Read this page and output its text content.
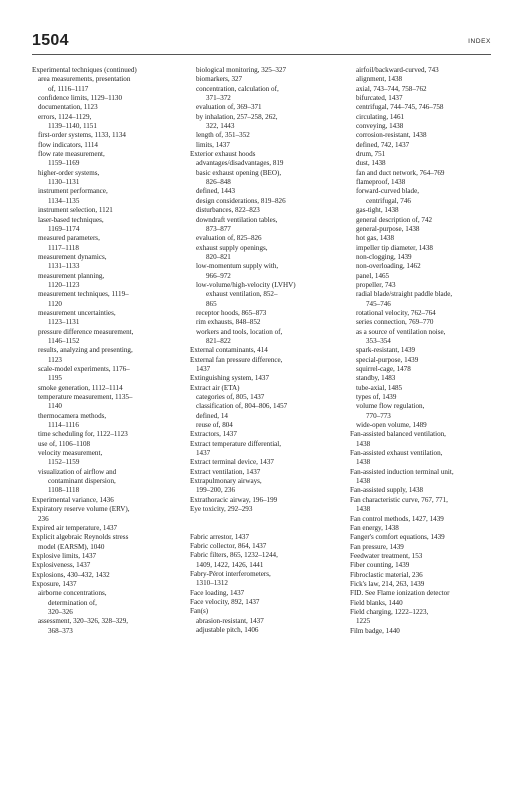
1504	INDEX
Experimental techniques (continued)
area measurements, presentation
of, 1116–1117
confidence limits, 1129–1130
documentation, 1123
errors, 1124–1129,
1139–1140, 1151
first-order systems, 1133, 1134
flow indicators, 1114
flow rate measurement,
1159–1169
higher-order systems,
1130–1131
instrument performance,
1134–1135
instrument selection, 1121
laser-based techniques,
1169–1174
measured parameters,
1117–1118
measurement dynamics,
1131–1133
measurement planning,
1120–1123
measurement techniques, 1119–
1120
measurement uncertainties,
1123–1131
pressure difference measurement,
1146–1152
results, analyzing and presenting,
1123
scale-model experiments, 1176–
1195
smoke generation, 1112–1114
temperature measurement, 1135–
1140
thermocamera methods,
1114–1116
time scheduling for, 1122–1123
use of, 1106–1108
velocity measurement,
1152–1159
visualization of airflow and
contaminant dispersion,
1108–1118
Experimental variance, 1436
Expiratory reserve volume (ERV),
236
Expired air temperature, 1437
Explicit algebraic Reynolds stress
model (EARSM), 1040
Explosive limits, 1437
Explosiveness, 1437
Explosions, 430–432, 1432
Exposure, 1437
airborne concentrations,
determination of,
320–326
assessment, 320–326, 328–329,
368–373
biological monitoring, 325–327
biomarkers, 327
concentration, calculation of,
371–372
evaluation of, 369–371
by inhalation, 257–258, 262,
322, 1443
length of, 351–352
limits, 1437
Exterior exhaust hoods
advantages/disadvantages, 819
basic exhaust opening (BEO),
826–848
defined, 1443
design considerations, 819–826
disturbances, 822–823
downdraft ventilation tables,
873–877
evaluation of, 825–826
exhaust supply openings,
820–821
low-momentum supply with,
966–972
low-volume/high-velocity (LVHV)
exhaust ventilation, 852–
865
receptor hoods, 865–873
rim exhausts, 848–852
workers and tools, location of,
821–822
External contaminants, 414
External fan pressure difference,
1437
Extinguishing system, 1437
Extract air (ETA)
categories of, 805, 1437
classification of, 804–806, 1457
defined, 14
reuse of, 804
Extractors, 1437
Extract temperature differential,
1437
Extract terminal device, 1437
Extract ventilation, 1437
Extrapulmonary airways,
199–200, 236
Extrathoracic airway, 196–199
Eye toxicity, 292–293
Fabric arrestor, 1437
Fabric collector, 864, 1437
Fabric filters, 865, 1232–1244,
1409, 1422, 1426, 1441
Fabry-Pérot interferometers,
1310–1312
Face loading, 1437
Face velocity, 892, 1437
Fan(s)
abrasion-resistant, 1437
adjustable pitch, 1406
airfoil/backward-curved, 743
alignment, 1438
axial, 743–744, 758–762
bifurcated, 1437
centrifugal, 744–745, 746–758
circulating, 1461
conveying, 1438
corrosion-resistant, 1438
defined, 742, 1437
drum, 751
dust, 1438
fan and duct network, 764–769
flameproof, 1438
forward-curved blade,
centrifugal, 746
gas-tight, 1438
general description of, 742
general-purpose, 1438
hot gas, 1438
impeller tip diameter, 1438
non-clogging, 1439
non-overloading, 1462
panel, 1465
propeller, 743
radial blade/straight paddle blade,
745–746
rotational velocity, 762–764
series connection, 769–770
as a source of ventilation noise,
353–354
spark-resistant, 1439
special-purpose, 1439
squirrel-cage, 1478
standby, 1483
tube-axial, 1485
types of, 1439
volume flow regulation,
770–773
wide-open volume, 1489
Fan-assisted balanced ventilation,
1438
Fan-assisted exhaust ventilation,
1438
Fan-assisted induction terminal unit,
1438
Fan-assisted supply, 1438
Fan characteristic curve, 767, 771,
1438
Fan control methods, 1427, 1439
Fan energy, 1438
Fanger's comfort equations, 1439
Fan pressure, 1439
Feedwater treatment, 153
Fiber counting, 1439
Fibroclastic material, 236
Fick's law, 214, 263, 1439
FID. See Flame ionization detector
Field blanks, 1440
Field charging, 1222–1223,
1225
Film badge, 1440
